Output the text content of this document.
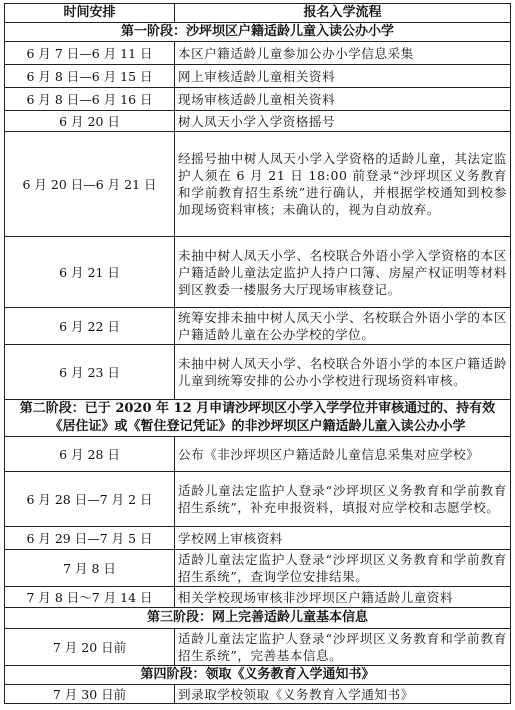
时间安排	报名入学流程
第一阶段：沙坪坝区户籍适龄儿童入读公办小学	
6 月 7 日—6 月 11 日	本区户籍适龄儿童参加公办小学信息采集
6 月 8 日—6 月 15 日	网上审核适龄儿童相关资料
6 月 8 日—6 月 16 日	现场审核适龄儿童相关资料
6 月 20 日	树人凤天小学入学资格摇号
6 月 20 日—6 月 21 日	经摇号抽中树人凤天小学入学资格的适龄儿童，其法定监护人须在 6 月 21 日 18:00 前登录“沙坪坝区义务教育和学前教育招生系统”进行确认，并根据学校通知到校参加现场资料审核；未确认的，视为自动放弃。
6 月 21 日	未抽中树人凤天小学、名校联合外语小学入学资格的本区户籍适龄儿童法定监护人持户口簿、房屋产权证明等材料到区教委一楼服务大厅现场审核登记。
6 月 22 日	统筹安排未抽中树人凤天小学、名校联合外语小学的本区户籍适龄儿童在公办学校的学位。
6 月 23 日	未抽中树人凤天小学、名校联合外语小学的本区户籍适龄儿童到统筹安排的公办小学校进行现场资料审核。
第二阶段：已于 2020 年 12 月申请沙坪坝区小学入学学位并审核通过的、持有效《居住证》或《暂住登记凭证》的非沙坪坝区户籍适龄儿童入读公办小学	
6 月 28 日	公布《非沙坪坝区户籍适龄儿童信息采集对应学校》
6 月 28 日—7 月 2 日	适龄儿童法定监护人登录“沙坪坝区义务教育和学前教育招生系统”，补充申报资料，填报对应学校和志愿学校。
6 月 29 日—7 月 5 日	学校网上审核资料
7 月 8 日	适龄儿童法定监护人登录“沙坪坝区义务教育和学前教育招生系统”，查询学位安排结果。
7 月 8 日～7 月 14 日	相关学校现场审核非沙坪坝区户籍适龄儿童资料
第三阶段：网上完善适龄儿童基本信息	
7 月 20 日前	适龄儿童法定监护人登录“沙坪坝区义务教育和学前教育招生系统”，完善基本信息。
第四阶段：领取《义务教育入学通知书》	
7 月 30 日前	到录取学校领取《义务教育入学通知书》
